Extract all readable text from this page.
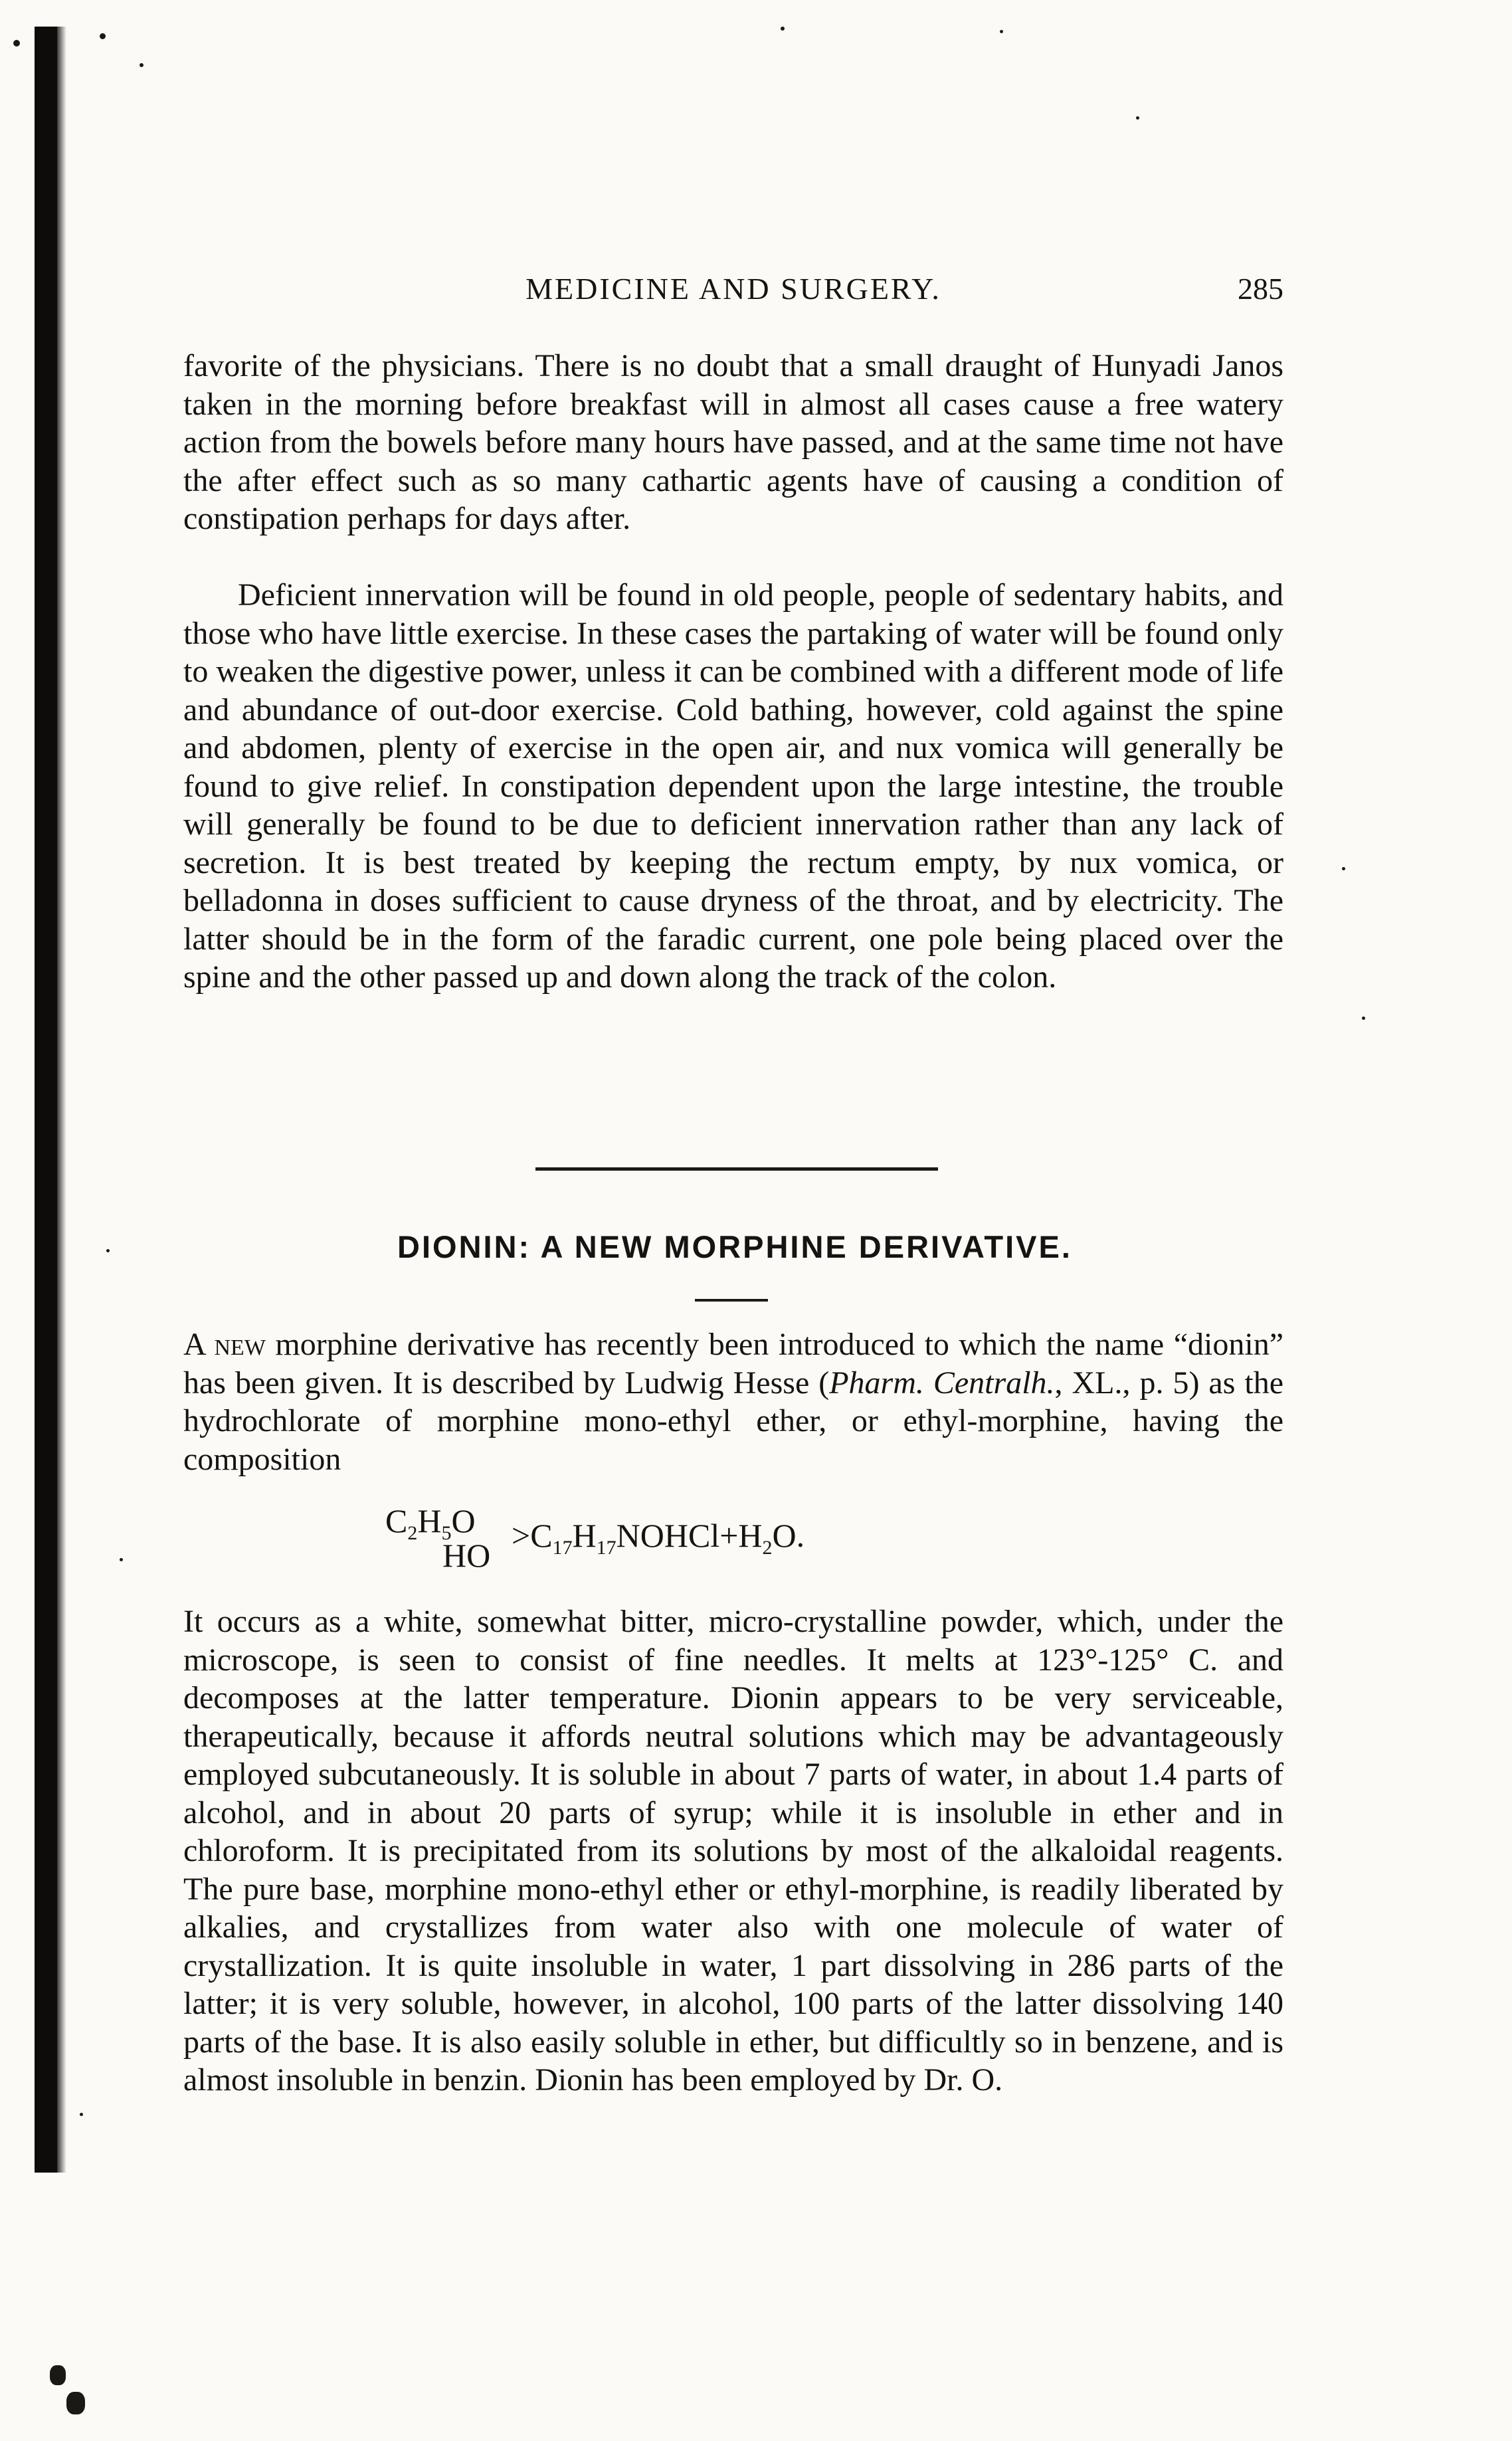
MEDICINE AND SURGERY.	285

favorite of the physicians. There is no doubt that a small draught of Hunyadi Janos taken in the morning before breakfast will in almost all cases cause a free watery action from the bowels before many hours have passed, and at the same time not have the after effect such as so many cathartic agents have of causing a condition of constipation perhaps for days after.

Deficient innervation will be found in old people, people of sedentary habits, and those who have little exercise. In these cases the partaking of water will be found only to weaken the digestive power, unless it can be combined with a different mode of life and abundance of out-door exercise. Cold bathing, however, cold against the spine and abdomen, plenty of exercise in the open air, and nux vomica will generally be found to give relief. In constipation dependent upon the large intestine, the trouble will generally be found to be due to deficient innervation rather than any lack of secretion. It is best treated by keeping the rectum empty, by nux vomica, or belladonna in doses sufficient to cause dryness of the throat, and by electricity. The latter should be in the form of the faradic current, one pole being placed over the spine and the other passed up and down along the track of the colon.

DIONIN: A NEW MORPHINE DERIVATIVE.

A new morphine derivative has recently been introduced to which the name “dionin” has been given. It is described by Ludwig Hesse (Pharm. Centralh., XL., p. 5) as the hydrochlorate of morphine mono-ethyl ether, or ethyl-morphine, having the composition

$C_2H_5O$
HO
$>C_{17}H_{17}NOHCl+H_2O$.

It occurs as a white, somewhat bitter, micro-crystalline powder, which, under the microscope, is seen to consist of fine needles. It melts at 123°-125° C. and decomposes at the latter temperature. Dionin appears to be very serviceable, therapeutically, because it affords neutral solutions which may be advantageously employed subcutaneously. It is soluble in about 7 parts of water, in about 1.4 parts of alcohol, and in about 20 parts of syrup; while it is insoluble in ether and in chloroform. It is precipitated from its solutions by most of the alkaloidal reagents. The pure base, morphine mono-ethyl ether or ethyl-morphine, is readily liberated by alkalies, and crystallizes from water also with one molecule of water of crystallization. It is quite insoluble in water, 1 part dissolving in 286 parts of the latter; it is very soluble, however, in alcohol, 100 parts of the latter dissolving 140 parts of the base. It is also easily soluble in ether, but difficultly so in benzene, and is almost insoluble in benzin. Dionin has been employed by Dr. O.
